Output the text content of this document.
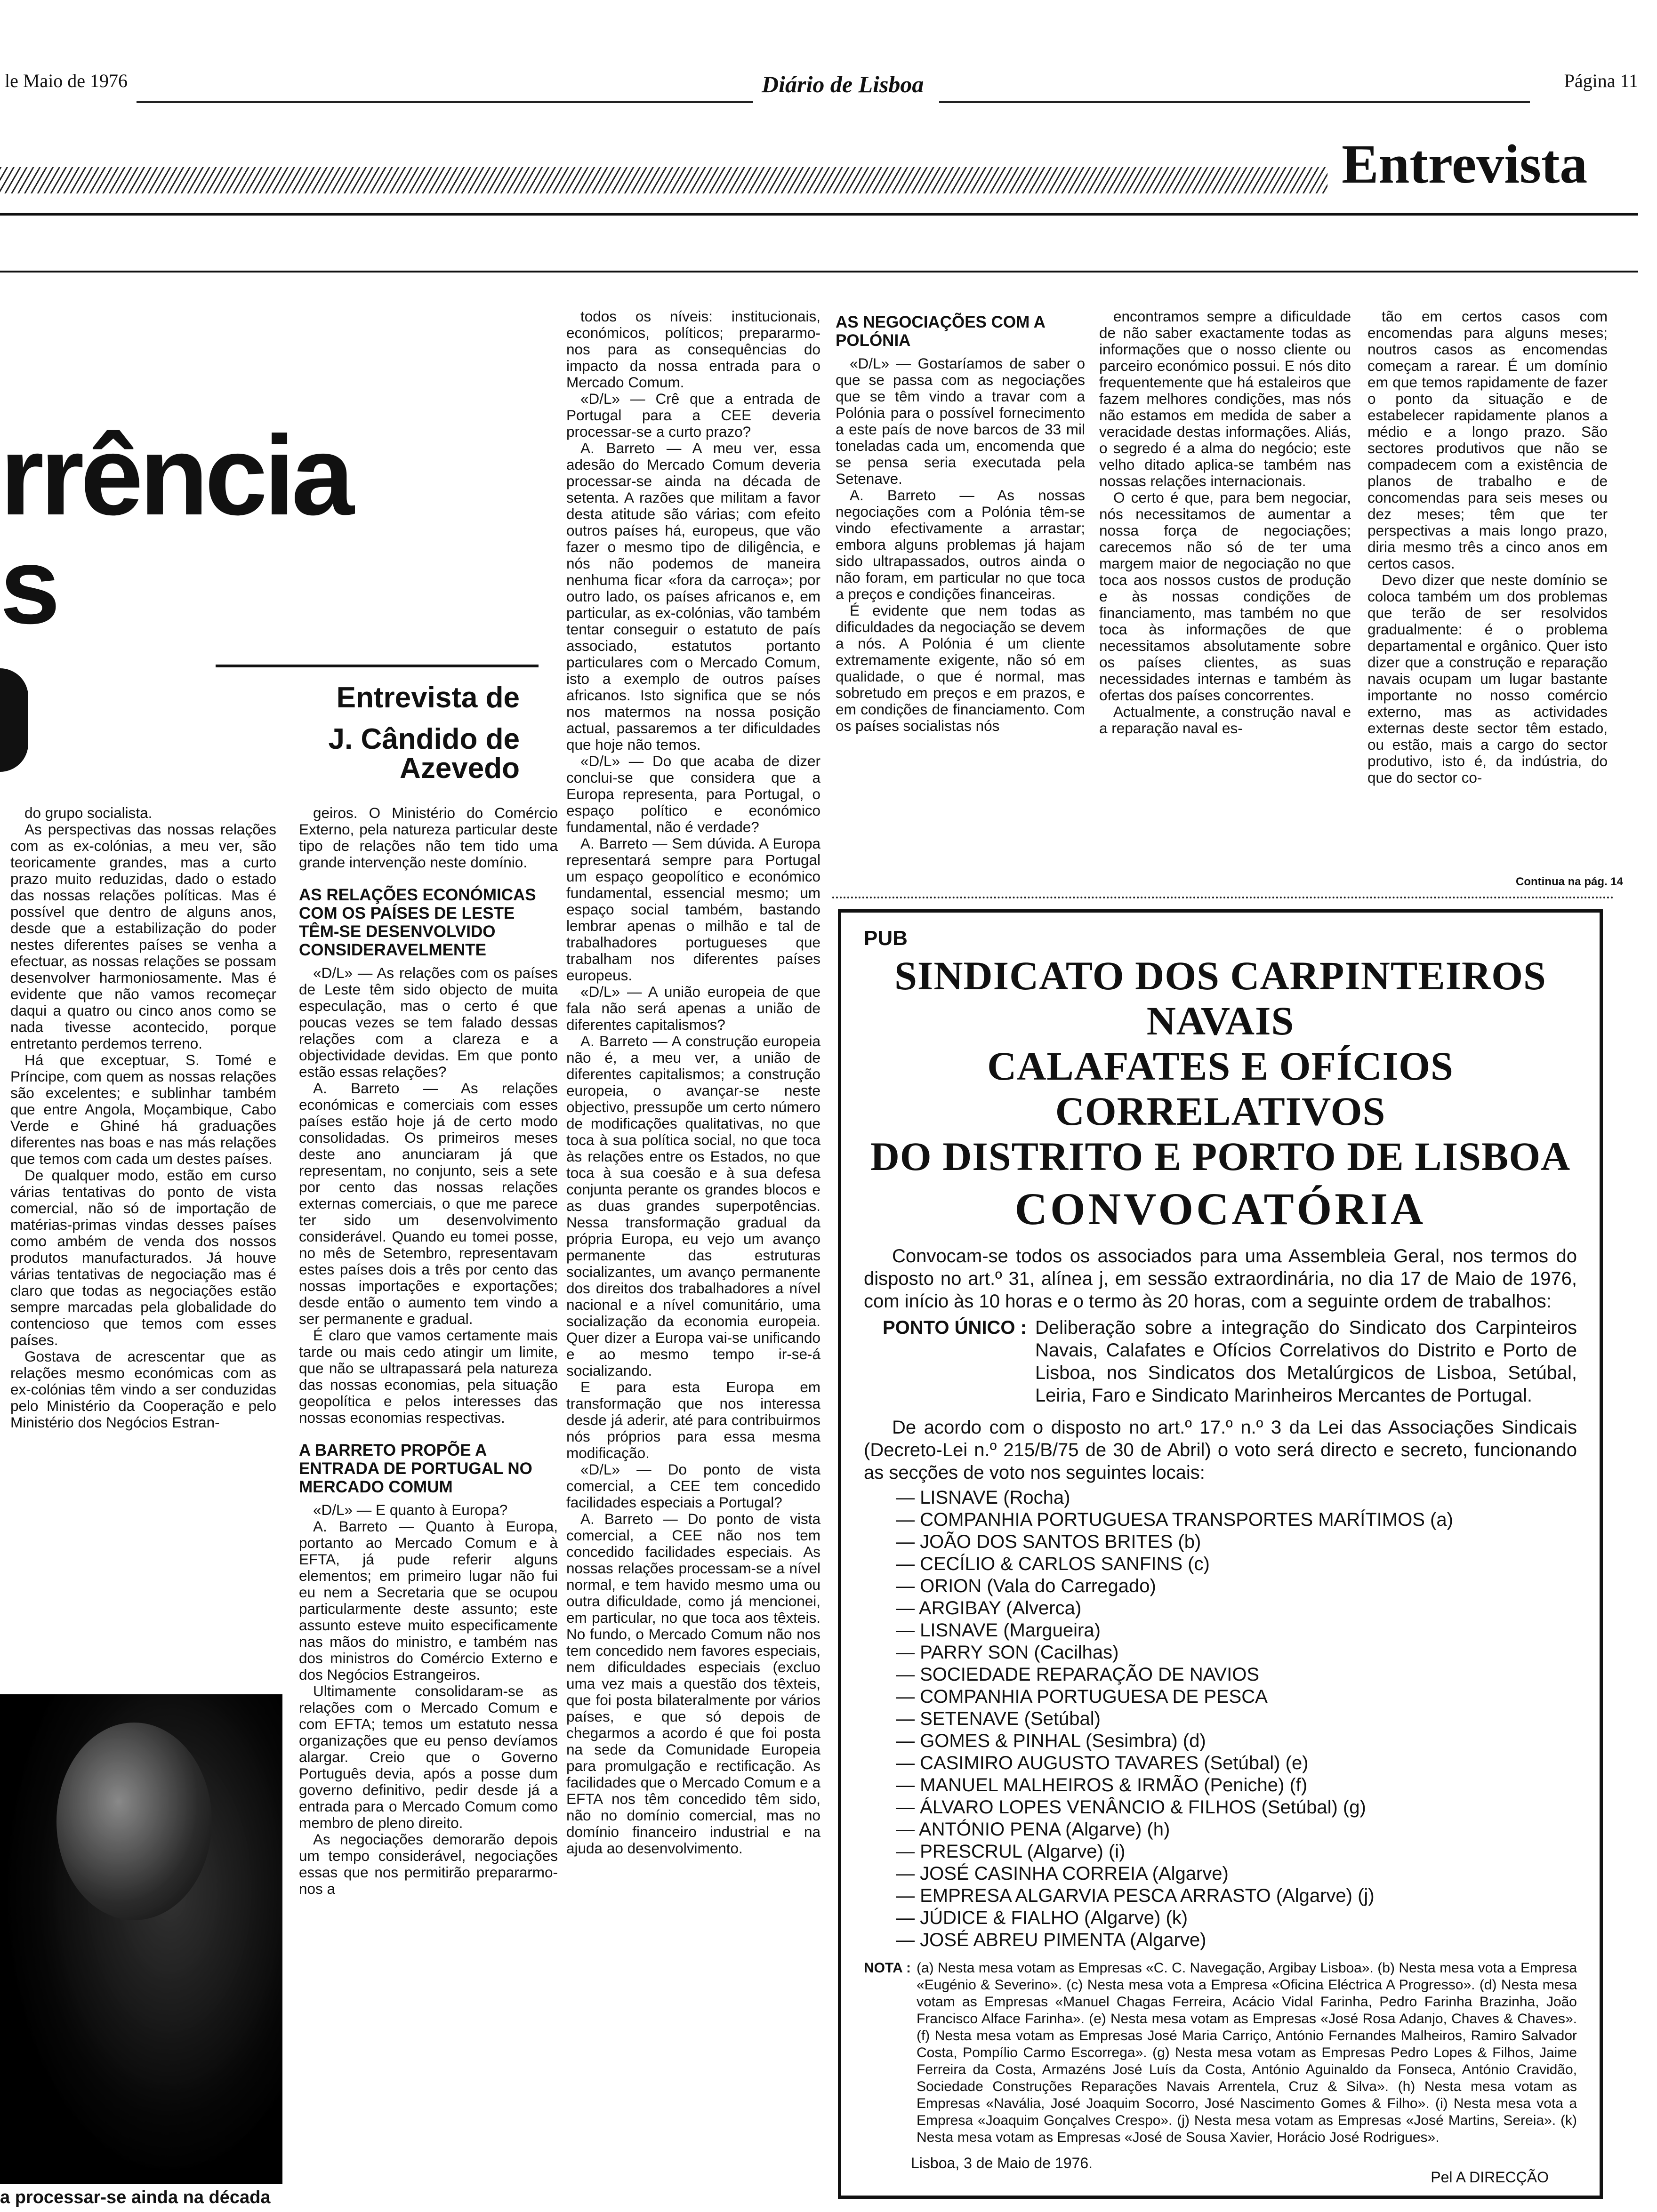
le Maio de 1976	Diário de Lisboa	Página 11
Entrevista
rrência
s
Entrevista de
J. Cândido de Azevedo

do grupo socialista.

As perspectivas das nossas relações com as ex-colónias, a meu ver, são teoricamente grandes, mas a curto prazo muito reduzidas, dado o estado das nossas relações políticas. Mas é possível que dentro de alguns anos, desde que a estabilização do poder nestes diferentes países se venha a efectuar, as nossas relações se possam desenvolver harmoniosamente. Mas é evidente que não vamos recomeçar daqui a quatro ou cinco anos como se nada tivesse acontecido, porque entretanto perdemos terreno.

Há que exceptuar, S. Tomé e Príncipe, com quem as nossas relações são excelentes; e sublinhar também que entre Angola, Moçambique, Cabo Verde e Ghiné há graduações diferentes nas boas e nas más relações que temos com cada um destes países.

De qualquer modo, estão em curso várias tentativas do ponto de vista comercial, não só de importação de matérias-primas vindas desses países como ambém de venda dos nossos produtos manufacturados. Já houve várias tentativas de negociação mas é claro que todas as negociações estão sempre marcadas pela globalidade do contencioso que temos com esses países.

Gostava de acrescentar que as relações mesmo económicas com as ex-colónias têm vindo a ser conduzidas pelo Ministério da Cooperação e pelo Ministério dos Negócios Estran-

a processar-se ainda na década

geiros. O Ministério do Comércio Externo, pela natureza particular deste tipo de relações não tem tido uma grande intervenção neste domínio.

AS RELAÇÕES ECONÓMICAS COM OS PAÍSES DE LESTE TÊM-SE DESENVOLVIDO CONSIDERAVELMENTE

«D/L» — As relações com os países de Leste têm sido objecto de muita especulação, mas o certo é que poucas vezes se tem falado dessas relações com a clareza e a objectividade devidas. Em que ponto estão essas relações?

A. Barreto — As relações económicas e comerciais com esses países estão hoje já de certo modo consolidadas. Os primeiros meses deste ano anunciaram já que representam, no conjunto, seis a sete por cento das nossas relações externas comerciais, o que me parece ter sido um desenvolvimento considerável. Quando eu tomei posse, no mês de Setembro, representavam estes países dois a três por cento das nossas importações e exportações; desde então o aumento tem vindo a ser permanente e gradual.

É claro que vamos certamente mais tarde ou mais cedo atingir um limite, que não se ultrapassará pela natureza das nossas economias, pela situação geopolítica e pelos interesses das nossas economias respectivas.

A BARRETO PROPÕE A ENTRADA DE PORTUGAL NO MERCADO COMUM

«D/L» — E quanto à Europa?

A. Barreto — Quanto à Europa, portanto ao Mercado Comum e à EFTA, já pude referir alguns elementos; em primeiro lugar não fui eu nem a Secretaria que se ocupou particularmente deste assunto; este assunto esteve muito especificamente nas mãos do ministro, e também nas dos ministros do Comércio Externo e dos Negócios Estrangeiros.

Ultimamente consolidaram-se as relações com o Mercado Comum e com EFTA; temos um estatuto nessa organizações que eu penso devíamos alargar. Creio que o Governo Português devia, após a posse dum governo definitivo, pedir desde já a entrada para o Mercado Comum como membro de pleno direito.

As negociações demorarão depois um tempo considerável, negociações essas que nos permitirão prepararmo-nos a

todos os níveis: institucionais, económicos, políticos; prepararmo-nos para as consequências do impacto da nossa entrada para o Mercado Comum.

«D/L» — Crê que a entrada de Portugal para a CEE deveria processar-se a curto prazo?

A. Barreto — A meu ver, essa adesão do Mercado Comum deveria processar-se ainda na década de setenta. A razões que militam a favor desta atitude são várias; com efeito outros países há, europeus, que vão fazer o mesmo tipo de diligência, e nós não podemos de maneira nenhuma ficar «fora da carroça»; por outro lado, os países africanos e, em particular, as ex-colónias, vão também tentar conseguir o estatuto de país associado, estatutos portanto particulares com o Mercado Comum, isto a exemplo de outros países africanos. Isto significa que se nós nos matermos na nossa posição actual, passaremos a ter dificuldades que hoje não temos.

«D/L» — Do que acaba de dizer conclui-se que considera que a Europa representa, para Portugal, o espaço político e económico fundamental, não é verdade?

A. Barreto — Sem dúvida. A Europa representará sempre para Portugal um espaço geopolítico e económico fundamental, essencial mesmo; um espaço social também, bastando lembrar apenas o milhão e tal de trabalhadores portugueses que trabalham nos diferentes países europeus.

«D/L» — A união europeia de que fala não será apenas a união de diferentes capitalismos?

A. Barreto — A construção europeia não é, a meu ver, a união de diferentes capitalismos; a construção europeia, o avançar-se neste objectivo, pressupõe um certo número de modificações qualitativas, no que toca à sua política social, no que toca às relações entre os Estados, no que toca à sua coesão e à sua defesa conjunta perante os grandes blocos e as duas grandes superpotências. Nessa transformação gradual da própria Europa, eu vejo um avanço permanente das estruturas socializantes, um avanço permanente dos direitos dos trabalhadores a nível nacional e a nível comunitário, uma socialização da economia europeia. Quer dizer a Europa vai-se unificando e ao mesmo tempo ir-se-á socializando.

E para esta Europa em transformação que nos interessa desde já aderir, até para contribuirmos nós próprios para essa mesma modificação.

«D/L» — Do ponto de vista comercial, a CEE tem concedido facilidades especiais a Portugal?

A. Barreto — Do ponto de vista comercial, a CEE não nos tem concedido facilidades especiais. As nossas relações processam-se a nível normal, e tem havido mesmo uma ou outra dificuldade, como já mencionei, em particular, no que toca aos têxteis. No fundo, o Mercado Comum não nos tem concedido nem favores especiais, nem dificuldades especiais (excluo uma vez mais a questão dos têxteis, que foi posta bilateralmente por vários países, e que só depois de chegarmos a acordo é que foi posta na sede da Comunidade Europeia para promulgação e rectificação. As facilidades que o Mercado Comum e a EFTA nos têm concedido têm sido, não no domínio comercial, mas no domínio financeiro industrial e na ajuda ao desenvolvimento.

AS NEGOCIAÇÕES COM A POLÓNIA

«D/L» — Gostaríamos de saber o que se passa com as negociações que se têm vindo a travar com a Polónia para o possível fornecimento a este país de nove barcos de 33 mil toneladas cada um, encomenda que se pensa seria executada pela Setenave.

A. Barreto — As nossas negociações com a Polónia têm-se vindo efectivamente a arrastar; embora alguns problemas já hajam sido ultrapassados, outros ainda o não foram, em particular no que toca a preços e condições financeiras.

É evidente que nem todas as dificuldades da negociação se devem a nós. A Polónia é um cliente extremamente exigente, não só em qualidade, o que é normal, mas sobretudo em preços e em prazos, e em condições de financiamento. Com os países socialistas nós

encontramos sempre a dificuldade de não saber exactamente todas as informações que o nosso cliente ou parceiro económico possui. E nós dito frequentemente que há estaleiros que fazem melhores condições, mas nós não estamos em medida de saber a veracidade destas informações. Aliás, o segredo é a alma do negócio; este velho ditado aplica-se também nas nossas relações internacionais.

O certo é que, para bem negociar, nós necessitamos de aumentar a nossa força de negociações; carecemos não só de ter uma margem maior de negociação no que toca aos nossos custos de produção e às nossas condições de financiamento, mas também no que toca às informações de que necessitamos absolutamente sobre os países clientes, as suas necessidades internas e também às ofertas dos países concorrentes.

Actualmente, a construção naval e a reparação naval es-

tão em certos casos com encomendas para alguns meses; noutros casos as encomendas começam a rarear. É um domínio em que temos rapidamente de fazer o ponto da situação e de estabelecer rapidamente planos a médio e a longo prazo. São sectores produtivos que não se compadecem com a existência de planos de trabalho e de concomendas para seis meses ou dez meses; têm que ter perspectivas a mais longo prazo, diria mesmo três a cinco anos em certos casos.

Devo dizer que neste domínio se coloca também um dos problemas que terão de ser resolvidos gradualmente: é o problema departamental e orgânico. Quer isto dizer que a construção e reparação navais ocupam um lugar bastante importante no nosso comércio externo, mas as actividades externas deste sector têm estado, ou estão, mais a cargo do sector produtivo, isto é, da indústria, do que do sector co-

Continua na pág. 14
PUB
SINDICATO DOS CARPINTEIROS NAVAIS
CALAFATES E OFÍCIOS CORRELATIVOS
DO DISTRITO E PORTO DE LISBOA
CONVOCATÓRIA

Convocam-se todos os associados para uma Assembleia Geral, nos termos do disposto no art.º 31, alínea j, em sessão extraordinária, no dia 17 de Maio de 1976, com início às 10 horas e o termo às 20 horas, com a seguinte ordem de trabalhos:

PONTO ÚNICO : Deliberação sobre a integração do Sindicato dos Carpinteiros Navais, Calafates e Ofícios Correlativos do Distrito e Porto de Lisboa, nos Sindicatos dos Metalúrgicos de Lisboa, Setúbal, Leiria, Faro e Sindicato Marinheiros Mercantes de Portugal.

De acordo com o disposto no art.º 17.º n.º 3 da Lei das Associações Sindicais (Decreto-Lei n.º 215/B/75 de 30 de Abril) o voto será directo e secreto, funcionando as secções de voto nos seguintes locais:

— LISNAVE (Rocha)
— COMPANHIA PORTUGUESA TRANSPORTES MARÍTIMOS (a)
— JOÃO DOS SANTOS BRITES (b)
— CECÍLIO & CARLOS SANFINS (c)
— ORION (Vala do Carregado)
— ARGIBAY (Alverca)
— LISNAVE (Margueira)
— PARRY SON (Cacilhas)
— SOCIEDADE REPARAÇÃO DE NAVIOS
— COMPANHIA PORTUGUESA DE PESCA
— SETENAVE (Setúbal)
— GOMES & PINHAL (Sesimbra) (d)
— CASIMIRO AUGUSTO TAVARES (Setúbal) (e)
— MANUEL MALHEIROS & IRMÃO (Peniche) (f)
— ÁLVARO LOPES VENÂNCIO & FILHOS (Setúbal) (g)
— ANTÓNIO PENA (Algarve) (h)
— PRESCRUL (Algarve) (i)
— JOSÉ CASINHA CORREIA (Algarve)
— EMPRESA ALGARVIA PESCA ARRASTO (Algarve) (j)
— JÚDICE & FIALHO (Algarve) (k)
— JOSÉ ABREU PIMENTA (Algarve)
NOTA : (a) Nesta mesa votam as Empresas «C. C. Navegação, Argibay Lisboa». (b) Nesta mesa vota a Empresa «Eugénio & Severino». (c) Nesta mesa vota a Empresa «Oficina Eléctrica A Progresso». (d) Nesta mesa votam as Empresas «Manuel Chagas Ferreira, Acácio Vidal Farinha, Pedro Farinha Brazinha, João Francisco Alface Farinha». (e) Nesta mesa votam as Empresas «José Rosa Adanjo, Chaves & Chaves». (f) Nesta mesa votam as Empresas José Maria Carriço, António Fernandes Malheiros, Ramiro Salvador Costa, Pompílio Carmo Escorrega». (g) Nesta mesa votam as Empresas Pedro Lopes & Filhos, Jaime Ferreira da Costa, Armazéns José Luís da Costa, António Aguinaldo da Fonseca, António Cravidão, Sociedade Construções Reparações Navais Arrentela, Cruz & Silva». (h) Nesta mesa votam as Empresas «Navália, José Joaquim Socorro, José Nascimento Gomes & Filho». (i) Nesta mesa vota a Empresa «Joaquim Gonçalves Crespo». (j) Nesta mesa votam as Empresas «José Martins, Sereia». (k) Nesta mesa votam as Empresas «José de Sousa Xavier, Horácio José Rodrigues».
Lisboa, 3 de Maio de 1976.
Pel A DIRECÇÃO
